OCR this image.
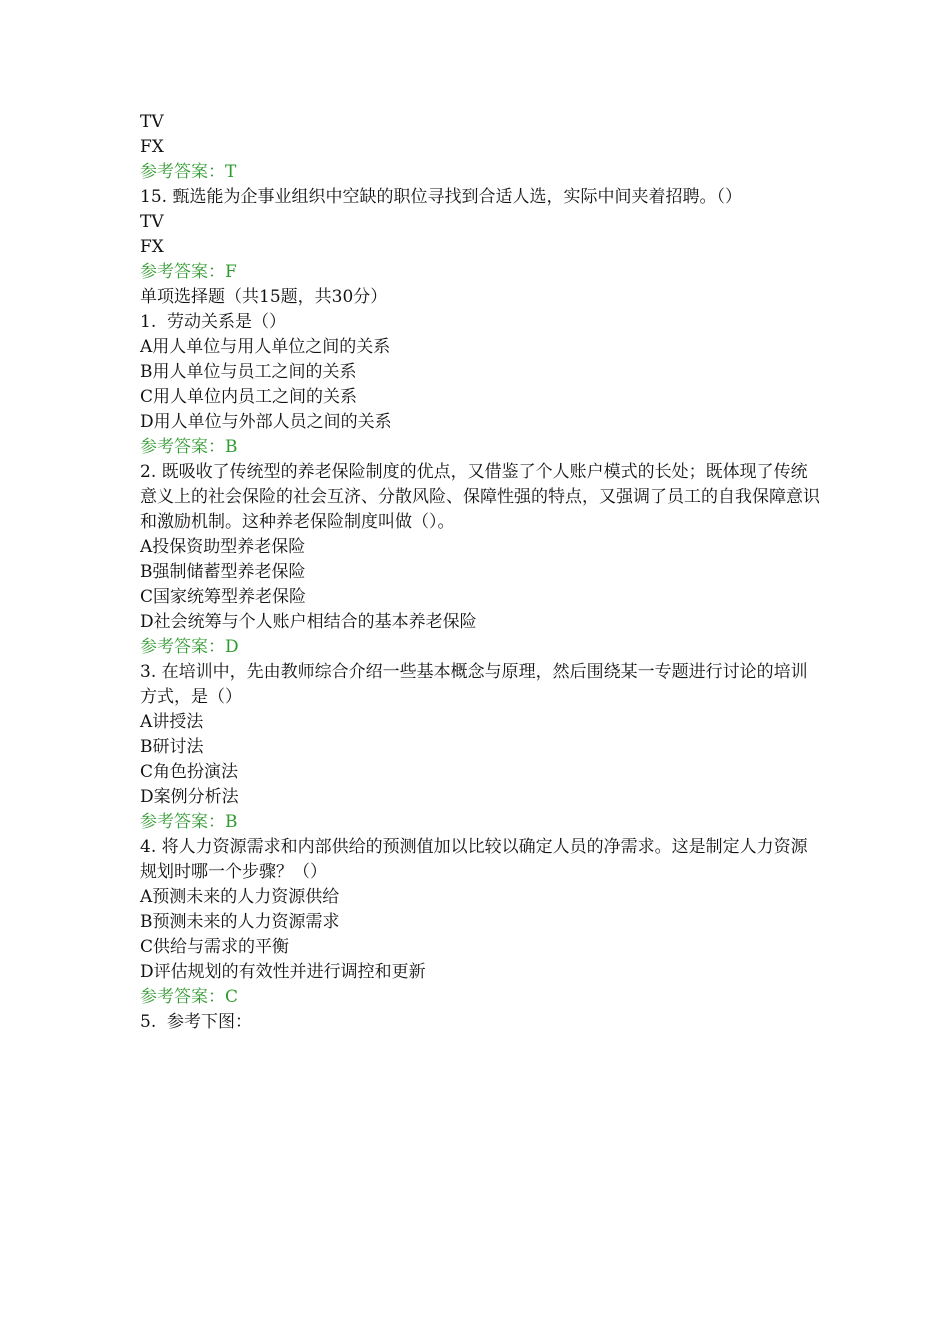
TV
FX
参考答案：T
15. 甄选能为企事业组织中空缺的职位寻找到合适人选，实际中间夹着招聘。（）
TV
FX
参考答案：F
单项选择题（共15题，共30分）
1.  劳动关系是（）
A用人单位与用人单位之间的关系
B用人单位与员工之间的关系
C用人单位内员工之间的关系
D用人单位与外部人员之间的关系
参考答案：B
2. 既吸收了传统型的养老保险制度的优点，又借鉴了个人账户模式的长处；既体现了传统意义上的社会保险的社会互济、分散风险、保障性强的特点，又强调了员工的自我保障意识和激励机制。这种养老保险制度叫做（）。
A投保资助型养老保险
B强制储蓄型养老保险
C国家统筹型养老保险
D社会统筹与个人账户相结合的基本养老保险
参考答案：D
3. 在培训中，先由教师综合介绍一些基本概念与原理，然后围绕某一专题进行讨论的培训方式，是（）
A讲授法
B研讨法
C角色扮演法
D案例分析法
参考答案：B
4. 将人力资源需求和内部供给的预测值加以比较以确定人员的净需求。这是制定人力资源规划时哪一个步骤？（）
A预测未来的人力资源供给
B预测未来的人力资源需求
C供给与需求的平衡
D评估规划的有效性并进行调控和更新
参考答案：C
5.  参考下图：
